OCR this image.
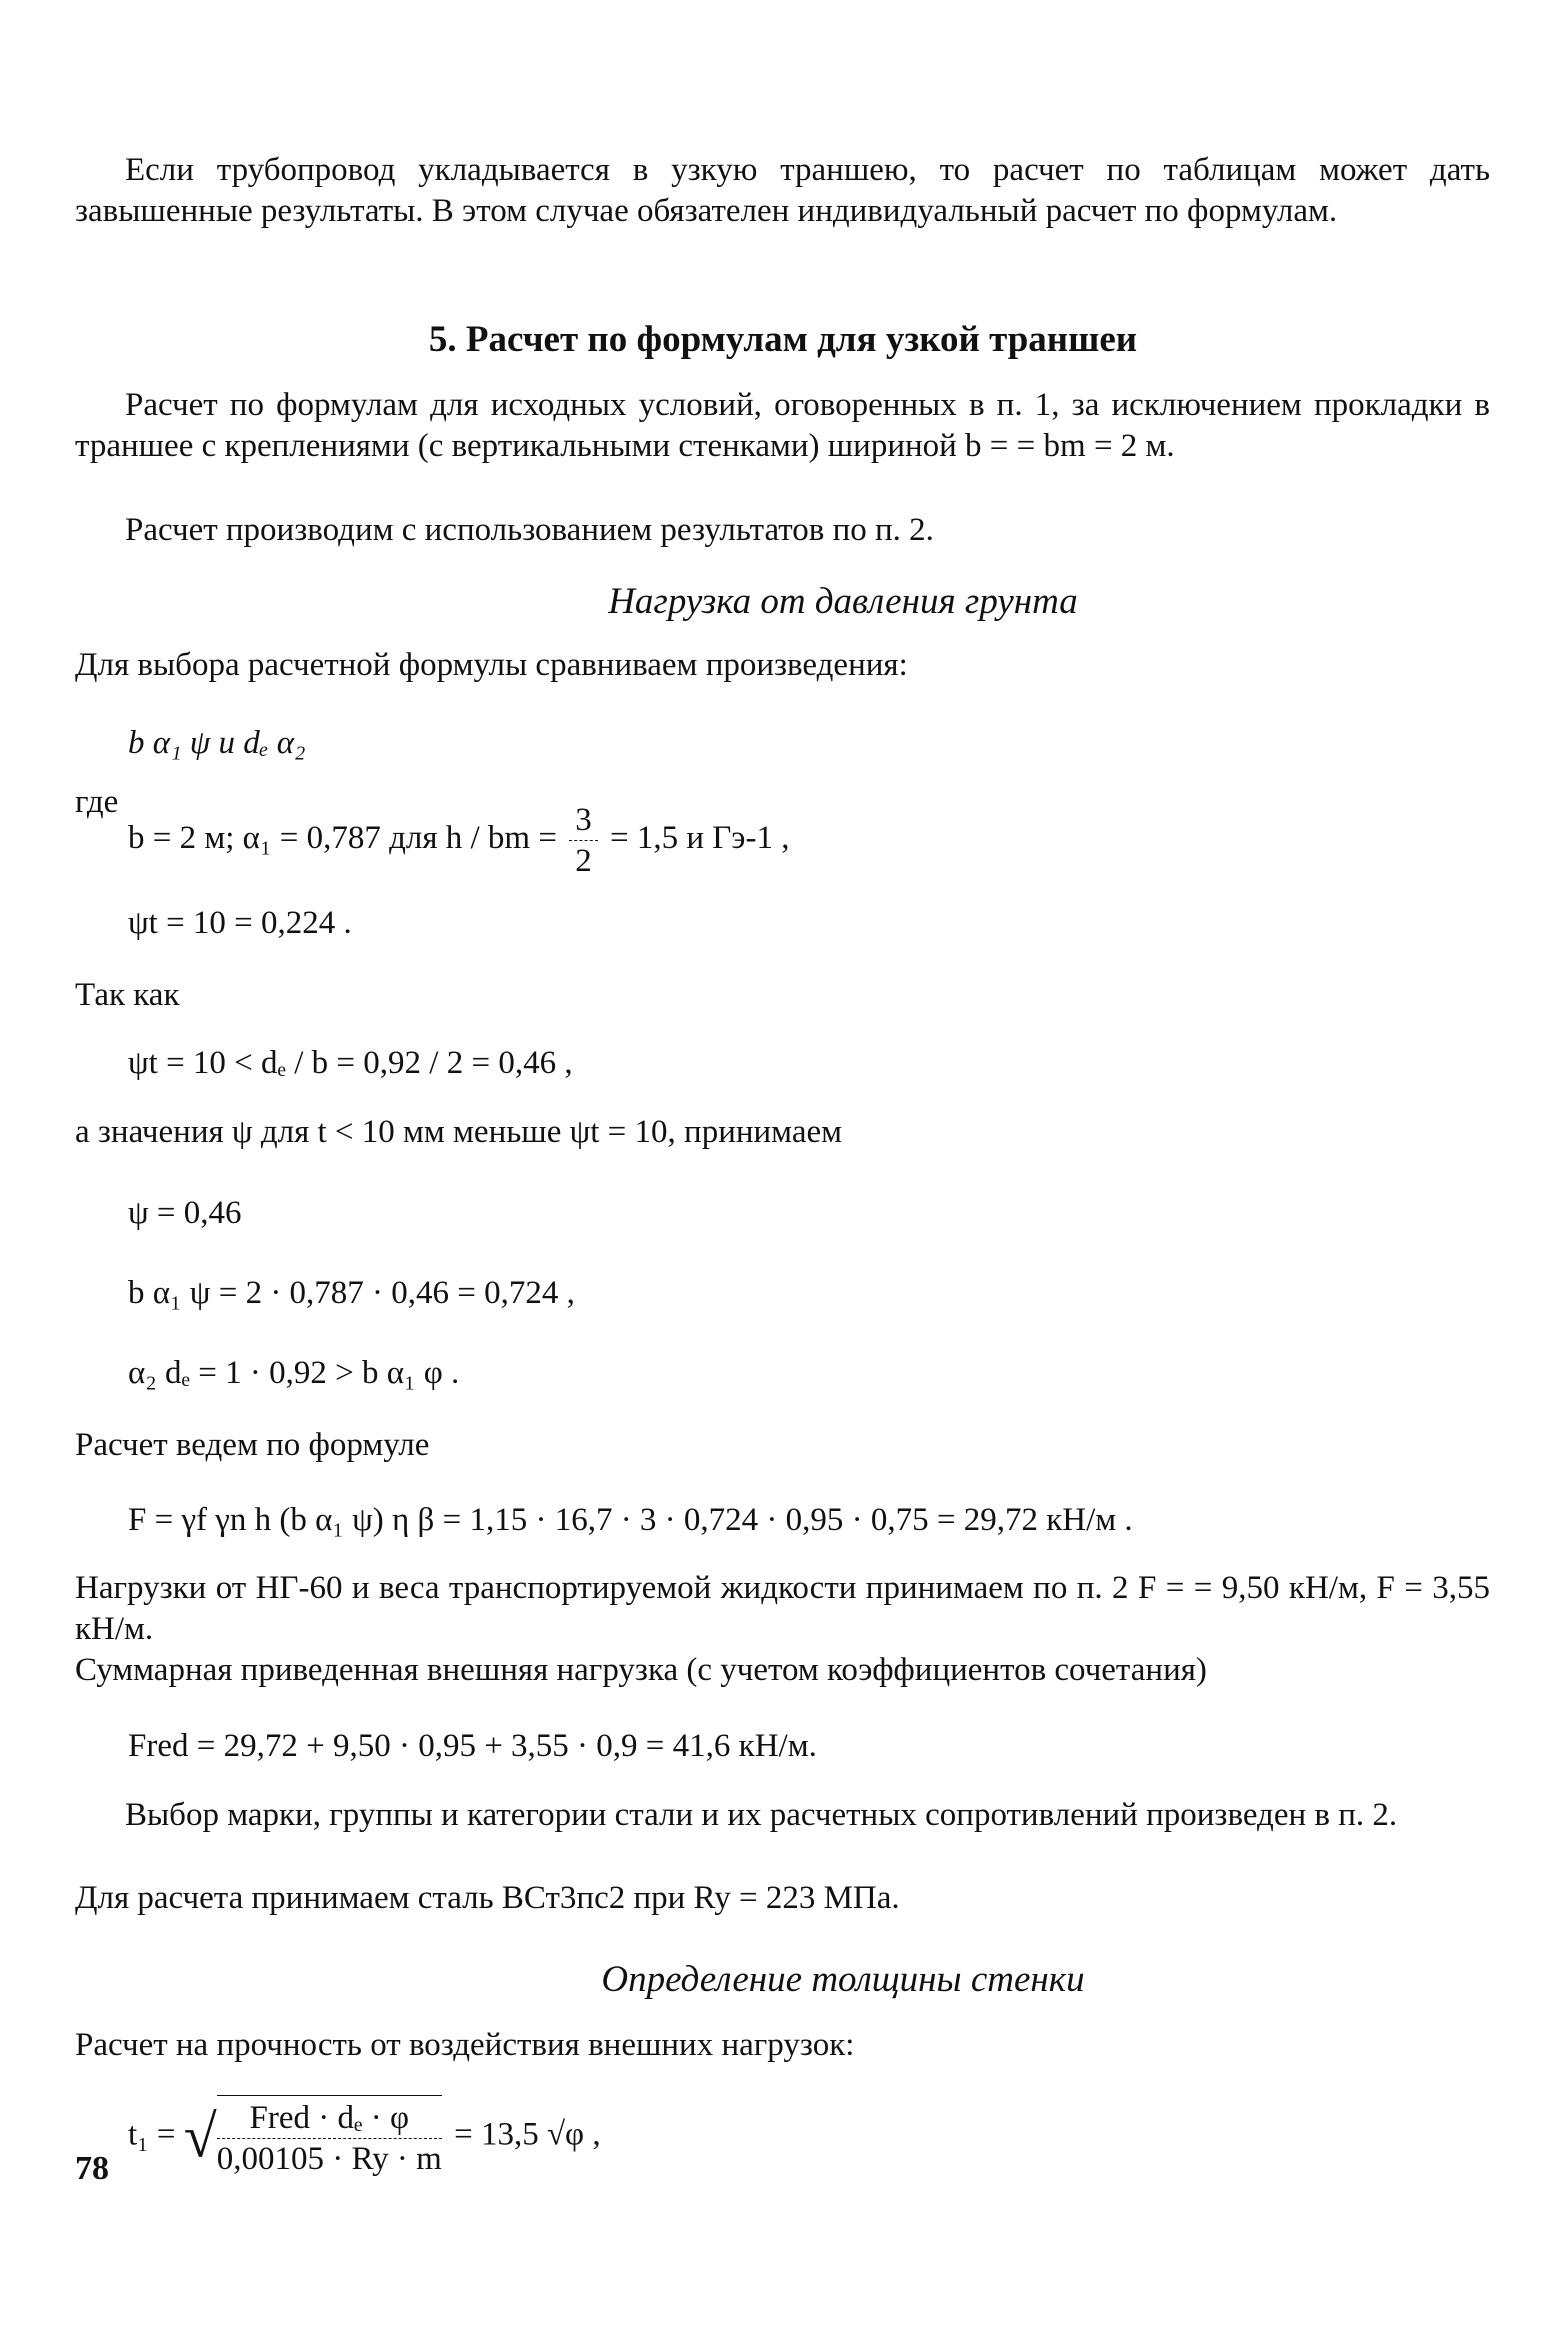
Если трубопровод укладывается в узкую траншею, то расчет по таблицам может дать завышенные результаты. В этом случае обязателен индивидуальный расчет по формулам.
5. Расчет по формулам для узкой траншеи
Расчет по формулам для исходных условий, оговоренных в п. 1, за исключением прокладки в траншее с креплениями (с вертикальными стенками) шириной b = = bm = 2 м.
Расчет производим с использованием результатов по п. 2.
Нагрузка от давления грунта
Для выбора расчетной формулы сравниваем произведения:
b α₁ ψ и dₑ α₂
где
b = 2 м; α₁ = 0,787 для h / bm = $\frac{3}{2} = 1,5$ и Гэ-1 ,
ψt = 10 = 0,224 .
Так как
ψt = 10 < dₑ / b = 0,92 / 2 = 0,46 ,
а значения ψ для t < 10 мм меньше ψt = 10, принимаем
ψ = 0,46
b α₁ ψ = 2 · 0,787 · 0,46 = 0,724 ,
α₂ dₑ = 1 · 0,92 > b α₁ φ .
Расчет ведем по формуле
F = γf γn h (b α₁ ψ) η β = 1,15 · 16,7 · 3 · 0,724 · 0,95 · 0,75 = 29,72 кН/м .
Нагрузки от НГ-60 и веса транспортируемой жидкости принимаем по п. 2 F = = 9,50 кН/м, F = 3,55 кН/м.
Суммарная приведенная внешняя нагрузка (с учетом коэффициентов сочетания)
Fred = 29,72 + 9,50 · 0,95 + 3,55 · 0,9 = 41,6 кН/м.
Выбор марки, группы и категории стали и их расчетных сопротивлений произведен в п. 2.
Для расчета принимаем сталь ВСт3пс2 при Ry = 223 МПа.
Определение толщины стенки
Расчет на прочность от воздействия внешних нагрузок:
t₁ = √ $\frac{\text{Fred · dₑ · φ}}{0,00105 \cdot Ry \cdot m} = 13,5$ √φ ,
78
